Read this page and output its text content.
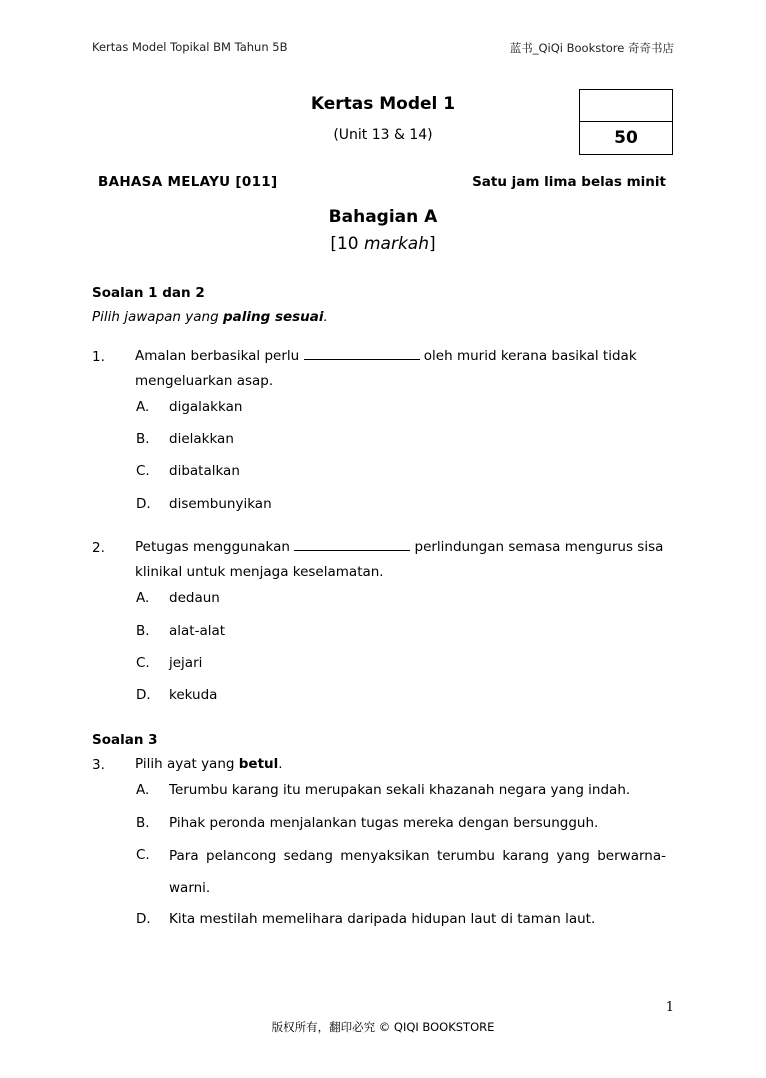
Kertas Model Topikal BM Tahun 5B	蓝书_QiQi Bookstore 奇奇书店
Kertas Model 1
(Unit 13 & 14)	50
BAHASA MELAYU [011]	Satu jam lima belas minit
Bahagian A
[10 markah]
Soalan 1 dan 2
Pilih jawapan yang paling sesuai.
1. Amalan berbasikal perlu	oleh murid kerana basikal tidak mengeluarkan asap.
A. digalakkan
B. dielakkan
C. dibatalkan
D. disembunyikan
2. Petugas menggunakan	perlindungan semasa mengurus sisa klinikal untuk menjaga keselamatan.
A. dedaun
B. alat-alat
C. jejari
D. kekuda
Soalan 3
3. Pilih ayat yang betul.
A. Terumbu karang itu merupakan sekali khazanah negara yang indah.
B. Pihak peronda menjalankan tugas mereka dengan bersungguh.
C. Para pelancong sedang menyaksikan terumbu karang yang berwarna-warni.
D. Kita mestilah memelihara daripada hidupan laut di taman laut.
1
版权所有，翻印必究 © QIQI BOOKSTORE
